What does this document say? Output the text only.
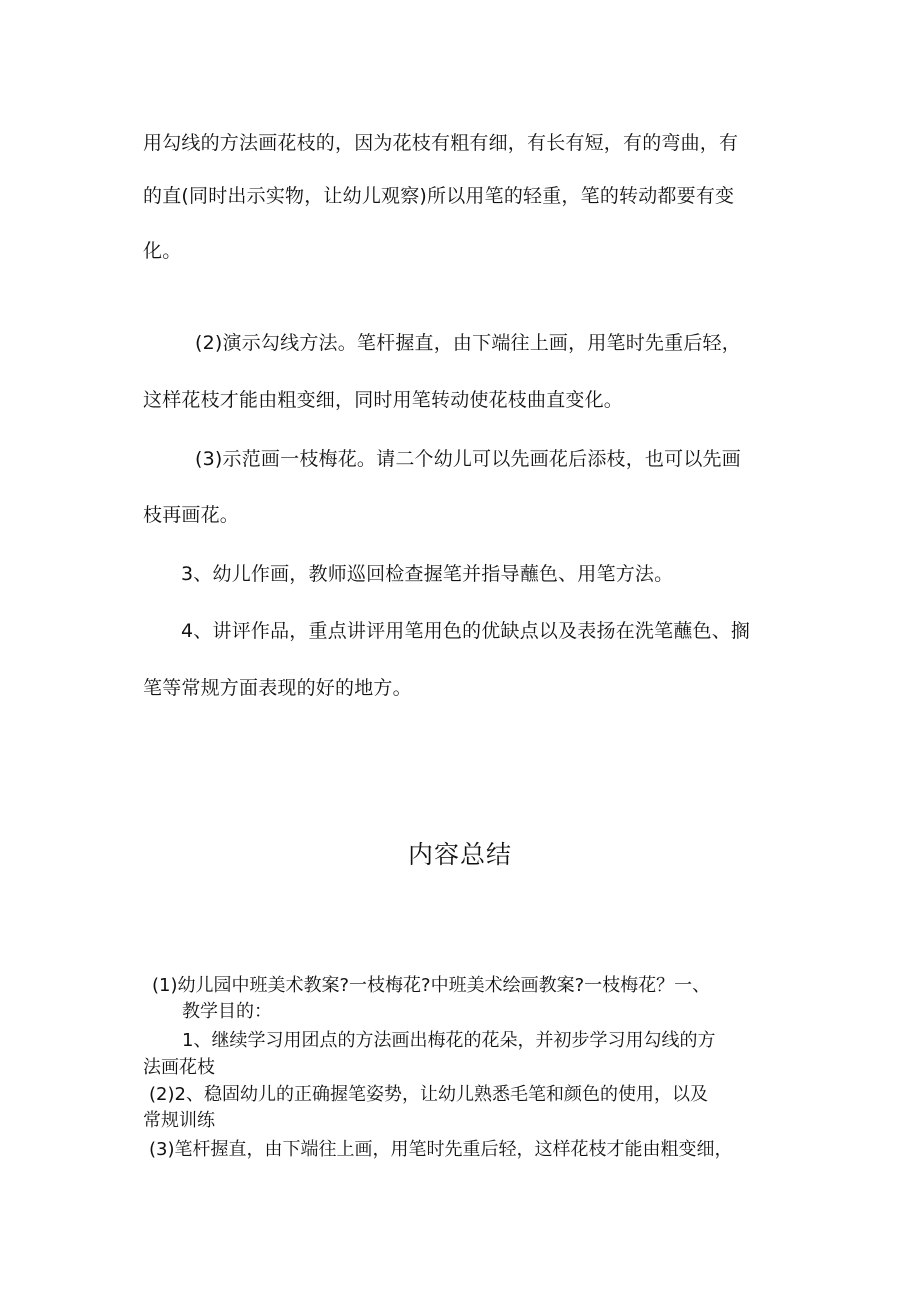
用勾线的方法画花枝的，因为花枝有粗有细，有长有短，有的弯曲，有
的直(同时出示实物，让幼儿观察)所以用笔的轻重，笔的转动都要有变
化。
(2)演示勾线方法。笔杆握直，由下端往上画，用笔时先重后轻，
这样花枝才能由粗变细，同时用笔转动使花枝曲直变化。
(3)示范画一枝梅花。请二个幼儿可以先画花后添枝，也可以先画
枝再画花。
3、幼儿作画，教师巡回检查握笔并指导蘸色、用笔方法。
4、讲评作品，重点讲评用笔用色的优缺点以及表扬在洗笔蘸色、搁
笔等常规方面表现的好的地方。
内容总结
(1)幼儿园中班美术教案?一枝梅花?中班美术绘画教案?一枝梅花？一、
教学目的：
1、继续学习用团点的方法画出梅花的花朵，并初步学习用勾线的方
法画花枝
(2)2、稳固幼儿的正确握笔姿势，让幼儿熟悉毛笔和颜色的使用，以及
常规训练
(3)笔杆握直，由下端往上画，用笔时先重后轻，这样花枝才能由粗变细，
